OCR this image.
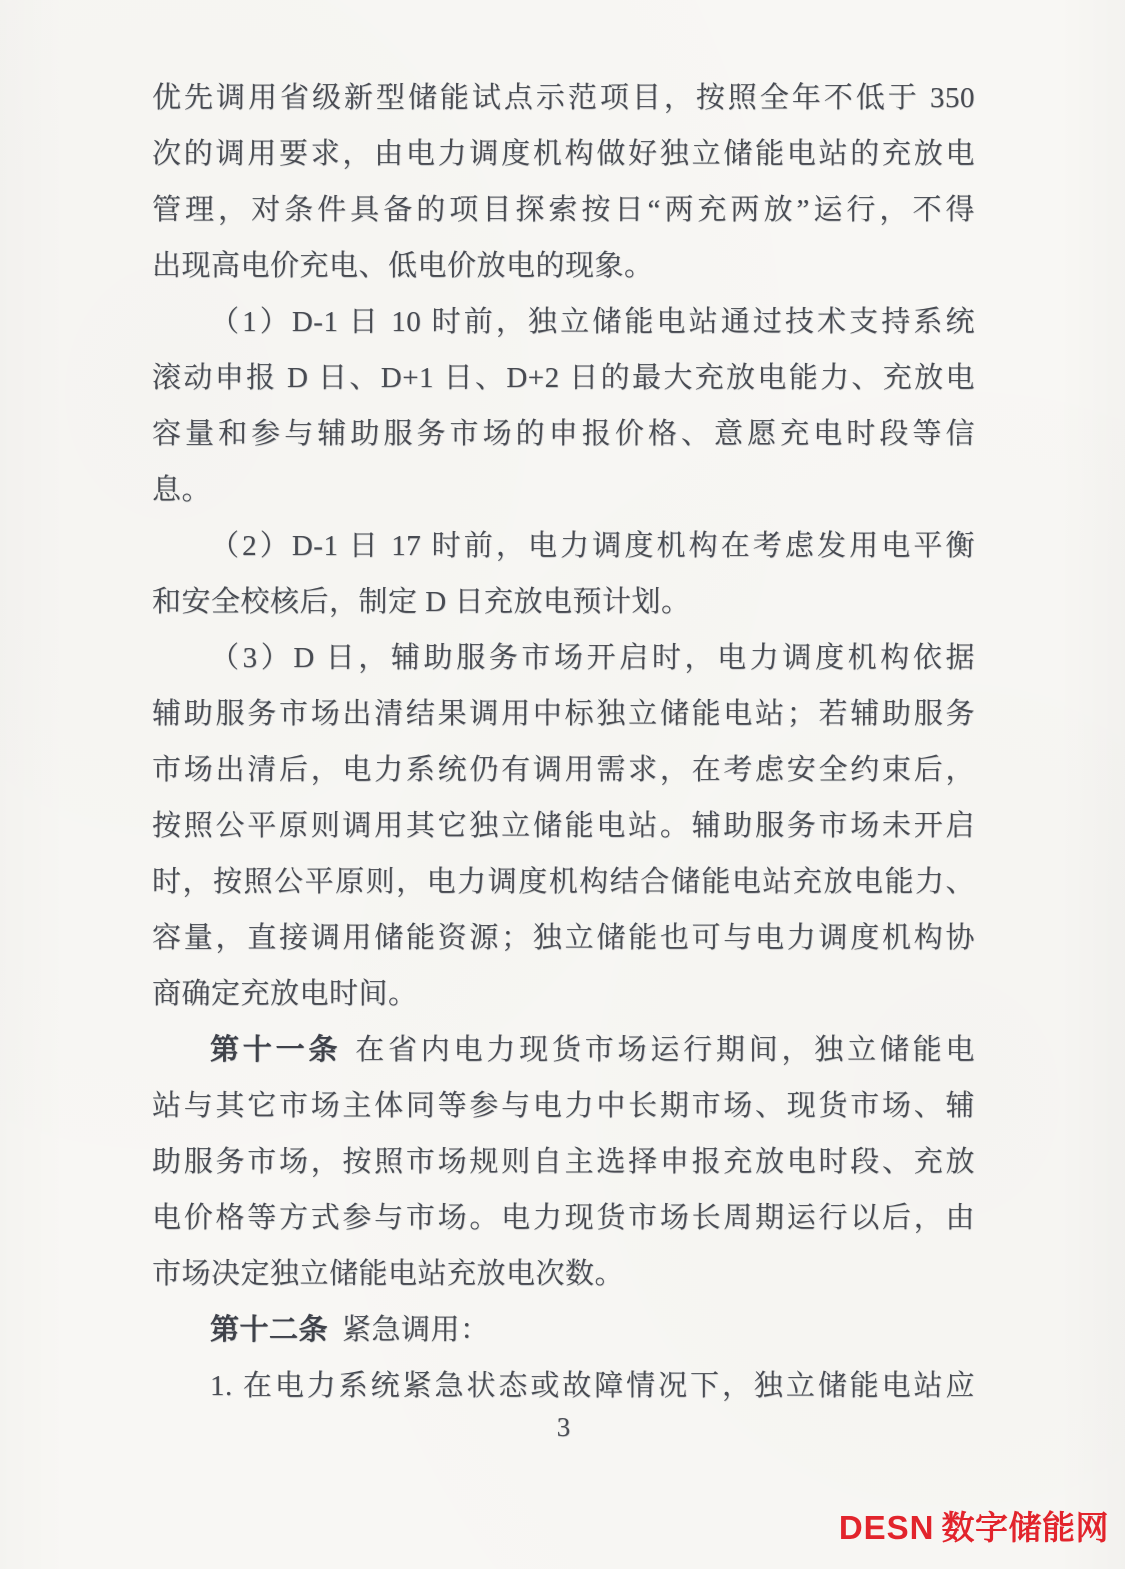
优先调用省级新型储能试点示范项目，按照全年不低于 350
次的调用要求，由电力调度机构做好独立储能电站的充放电
管理，对条件具备的项目探索按日“两充两放”运行，不得
出现高电价充电、低电价放电的现象。
（1）D-1 日 10 时前，独立储能电站通过技术支持系统
滚动申报 D 日、D+1 日、D+2 日的最大充放电能力、充放电
容量和参与辅助服务市场的申报价格、意愿充电时段等信
息。
（2）D-1 日 17 时前，电力调度机构在考虑发用电平衡
和安全校核后，制定 D 日充放电预计划。
（3）D 日，辅助服务市场开启时，电力调度机构依据
辅助服务市场出清结果调用中标独立储能电站；若辅助服务
市场出清后，电力系统仍有调用需求，在考虑安全约束后，
按照公平原则调用其它独立储能电站。辅助服务市场未开启
时，按照公平原则，电力调度机构结合储能电站充放电能力、
容量，直接调用储能资源；独立储能也可与电力调度机构协
商确定充放电时间。
第十一条 在省内电力现货市场运行期间，独立储能电
站与其它市场主体同等参与电力中长期市场、现货市场、辅
助服务市场，按照市场规则自主选择申报充放电时段、充放
电价格等方式参与市场。电力现货市场长周期运行以后，由
市场决定独立储能电站充放电次数。
第十二条 紧急调用：
1. 在电力系统紧急状态或故障情况下，独立储能电站应
3
DESN 数字储能网
